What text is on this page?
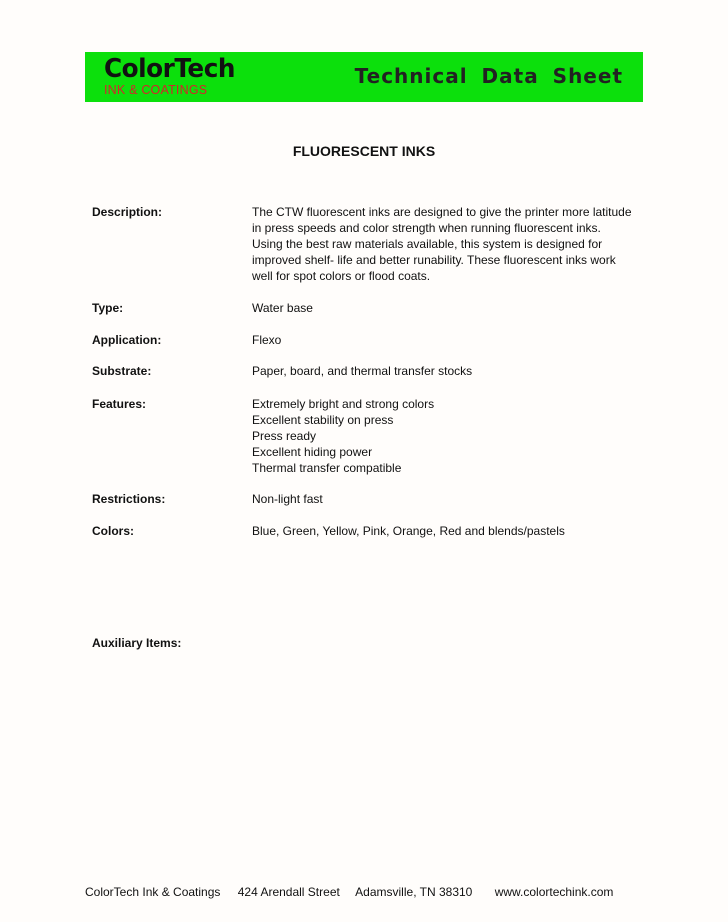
ColorTech
INK & COATINGS
Technical Data Sheet
FLUORESCENT INKS
Description:	The CTW fluorescent inks are designed to give the printer more latitude
in press speeds and color strength when running fluorescent inks.
Using the best raw materials available, this system is designed for
improved shelf- life and better runability. These fluorescent inks work
well for spot colors or flood coats.
Type:	Water base
Application:	Flexo
Substrate:	Paper, board, and thermal transfer stocks
Features:	Extremely bright and strong colors
Excellent stability on press
Press ready
Excellent hiding power
Thermal transfer compatible
Restrictions:	Non-light fast
Colors:	Blue, Green, Yellow, Pink, Orange, Red and blends/pastels
Auxiliary Items:
ColorTech Ink & Coatings 424 Arendall Street Adamsville, TN 38310 www.colortechink.com
